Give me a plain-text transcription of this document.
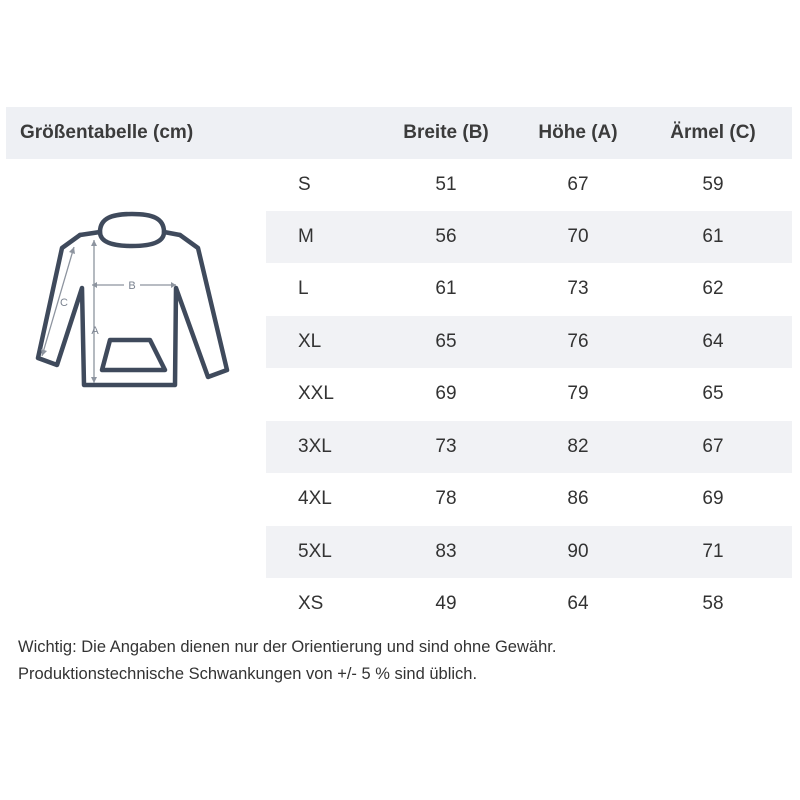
Größentabelle (cm)	Breite (B)	Höhe (A)	Ärmel (C)
S	51	67	59
M	56	70	61
L	61	73	62
XL	65	76	64
XXL	69	79	65
3XL	73	82	67
4XL	78	86	69
5XL	83	90	71
XS	49	64	58
B
A
C
Wichtig: Die Angaben dienen nur der Orientierung und sind ohne Gewähr.
Produktionstechnische Schwankungen von +/- 5 % sind üblich.
